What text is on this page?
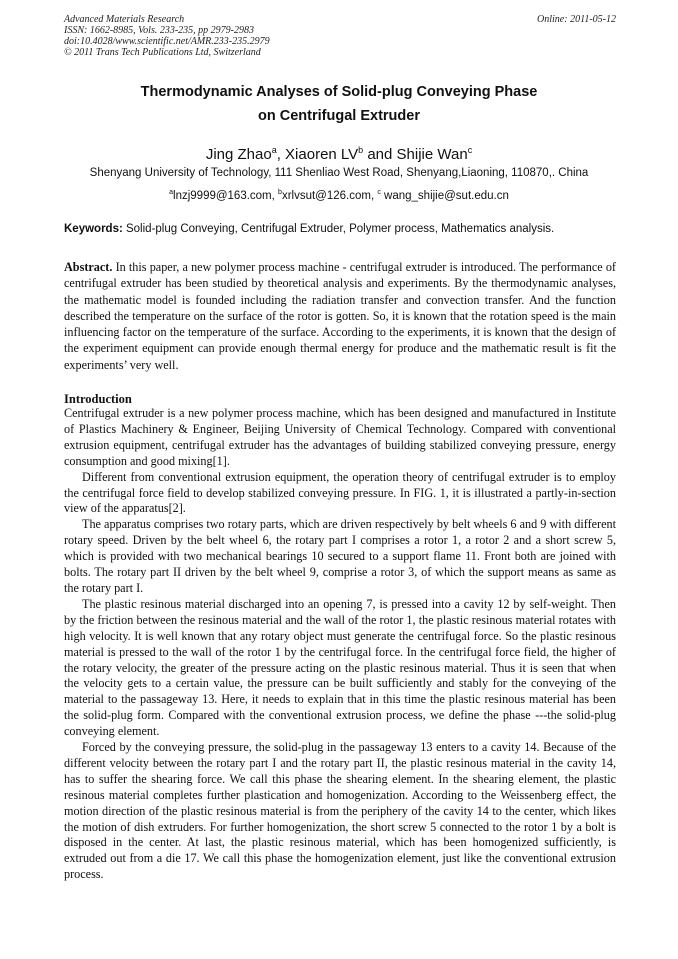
Advanced Materials Research
ISSN: 1662-8985, Vols. 233-235, pp 2979-2983
doi:10.4028/www.scientific.net/AMR.233-235.2979
© 2011 Trans Tech Publications Ltd, Switzerland
Online: 2011-05-12
Thermodynamic Analyses of Solid-plug Conveying Phase
on Centrifugal Extruder
Jing Zhao$^a$, Xiaoren $LV^b$ and Shijie Wan$^c$
Shenyang University of Technology, 111 Shenliao West Road, Shenyang,Liaoning, 110870,. China
$^a$lnzj9999@163.com, $^b$xrlvsut@126.com, $^c$ wang_shijie@sut.edu.cn
Keywords: Solid-plug Conveying, Centrifugal Extruder, Polymer process, Mathematics analysis.
Abstract. In this paper, a new polymer process machine - centrifugal extruder is introduced. The performance of centrifugal extruder has been studied by theoretical analysis and experiments. By the thermodynamic analyses, the mathematic model is founded including the radiation transfer and convection transfer. And the function described the temperature on the surface of the rotor is gotten. So, it is known that the rotation speed is the main influencing factor on the temperature of the surface. According to the experiments, it is known that the design of the experiment equipment can provide enough thermal energy for produce and the mathematic result is fit the experiments’ very well.
Introduction

Centrifugal extruder is a new polymer process machine, which has been designed and manufactured in Institute of Plastics Machinery & Engineer, Beijing University of Chemical Technology. Compared with conventional extrusion equipment, centrifugal extruder has the advantages of building stabilized conveying pressure, energy consumption and good mixing[1].

Different from conventional extrusion equipment, the operation theory of centrifugal extruder is to employ the centrifugal force field to develop stabilized conveying pressure. In FIG. 1, it is illustrated a partly-in-section view of the apparatus[2].

The apparatus comprises two rotary parts, which are driven respectively by belt wheels 6 and 9 with different rotary speed. Driven by the belt wheel 6, the rotary part I comprises a rotor 1, a rotor 2 and a short screw 5, which is provided with two mechanical bearings 10 secured to a support flame 11. Front both are joined with bolts. The rotary part II driven by the belt wheel 9, comprise a rotor 3, of which the support means as same as the rotary part I.

The plastic resinous material discharged into an opening 7, is pressed into a cavity 12 by self-weight. Then by the friction between the resinous material and the wall of the rotor 1, the plastic resinous material rotates with high velocity. It is well known that any rotary object must generate the centrifugal force. So the plastic resinous material is pressed to the wall of the rotor 1 by the centrifugal force. In the centrifugal force field, the higher of the rotary velocity, the greater of the pressure acting on the plastic resinous material. Thus it is seen that when the velocity gets to a certain value, the pressure can be built sufficiently and stably for the conveying of the material to the passageway 13. Here, it needs to explain that in this time the plastic resinous material has been the solid-plug form. Compared with the conventional extrusion process, we define the phase ---the solid-plug conveying element.

Forced by the conveying pressure, the solid-plug in the passageway 13 enters to a cavity 14. Because of the different velocity between the rotary part I and the rotary part II, the plastic resinous material in the cavity 14, has to suffer the shearing force. We call this phase the shearing element. In the shearing element, the plastic resinous material completes further plastication and homogenization. According to the Weissenberg effect, the motion direction of the plastic resinous material is from the periphery of the cavity 14 to the center, which likes the motion of dish extruders. For further homogenization, the short screw 5 connected to the rotor 1 by a bolt is disposed in the center. At last, the plastic resinous material, which has been homogenized sufficiently, is extruded out from a die 17. We call this phase the homogenization element, just like the conventional extrusion process.
